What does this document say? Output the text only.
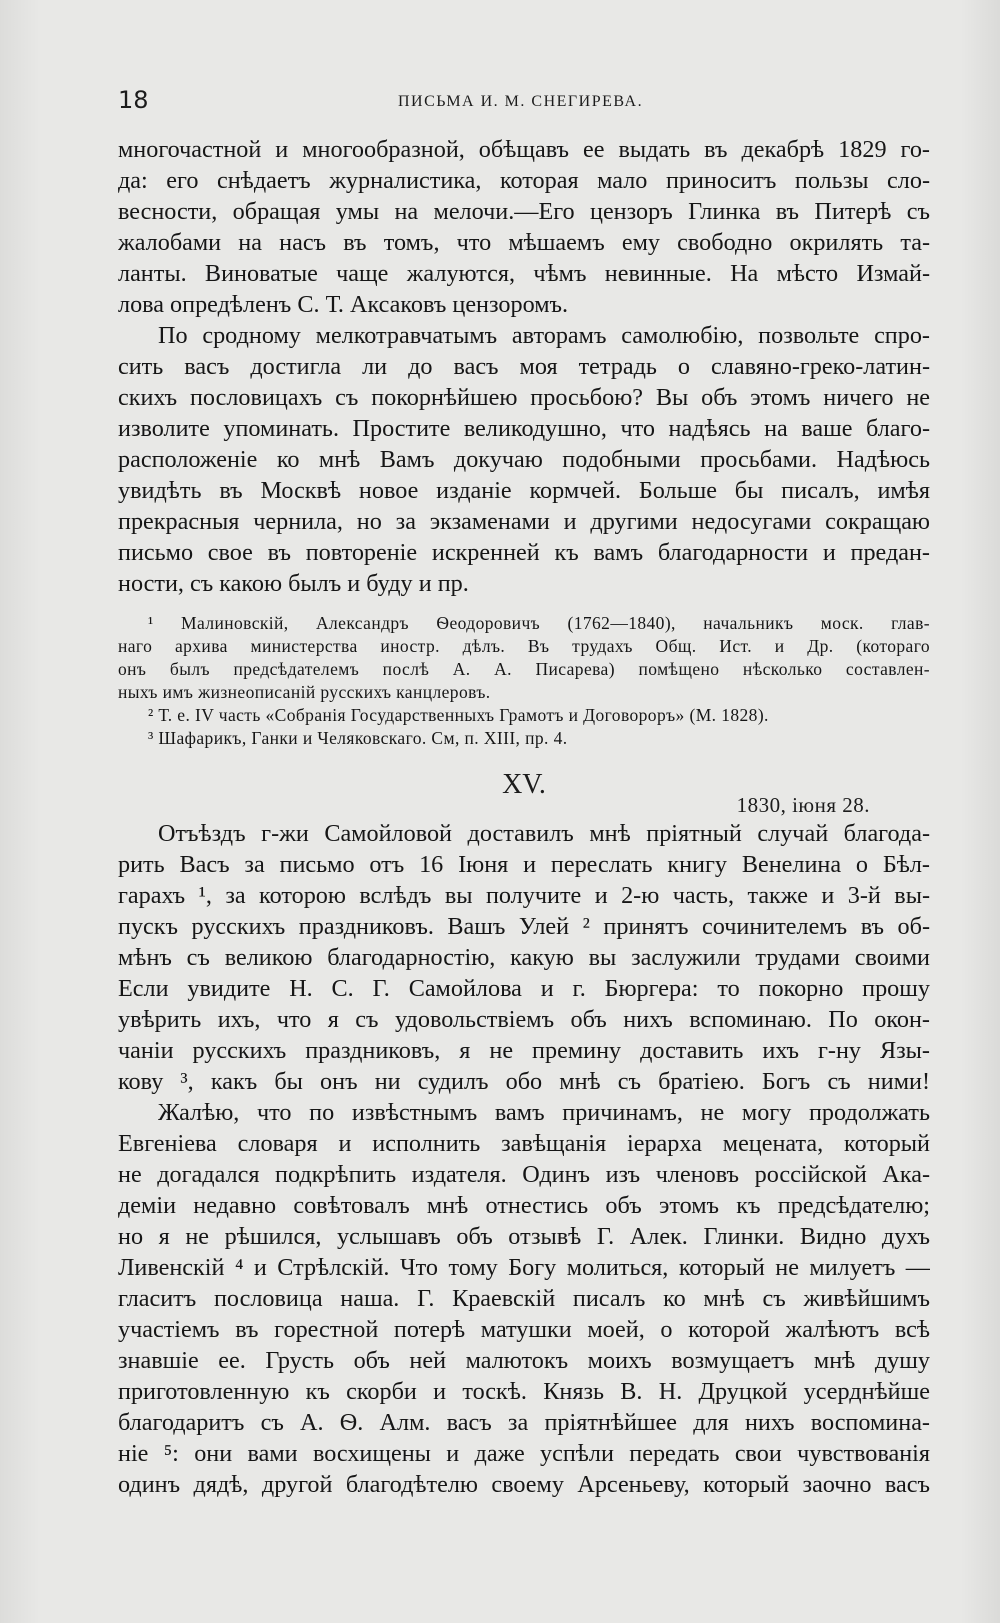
18	ПИСЬМА И. М. СНЕГИРЕВА.
многочастной и многообразной, обѣщавъ ее выдать въ декабрѣ 1829 го-
да: его снѣдаетъ журналистика, которая мало приноситъ пользы сло-
весности, обращая умы на мелочи.—Его цензоръ Глинка въ Питерѣ съ
жалобами на насъ въ томъ, что мѣшаемъ ему свободно окрилять та-
ланты. Виноватые чаще жалуются, чѣмъ невинные. На мѣсто Измай-
лова опредѣленъ С. Т. Аксаковъ цензоромъ.
По сродному мелкотравчатымъ авторамъ самолюбію, позвольте спро-
сить васъ достигла ли до васъ моя тетрадь о славяно-греко-латин-
скихъ пословицахъ съ покорнѣйшею просьбою? Вы объ этомъ ничего не
изволите упоминать. Простите великодушно, что надѣясь на ваше благо-
расположеніе ко мнѣ Вамъ докучаю подобными просьбами. Надѣюсь
увидѣть въ Москвѣ новое изданіе кормчей. Больше бы писалъ, имѣя
прекрасныя чернила, но за экзаменами и другими недосугами сокращаю
письмо свое въ повтореніе искренней къ вамъ благодарности и предан-
ности, съ какою былъ и буду и пр.
¹ Малиновскій, Александръ Ѳеодоровичъ (1762—1840), начальникъ моск. глав-
наго архива министерства иностр. дѣлъ. Въ трудахъ Общ. Ист. и Др. (котораго
онъ былъ предсѣдателемъ послѣ А. А. Писарева) помѣщено нѣсколько составлен-
ныхъ имъ жизнеописаній русскихъ канцлеровъ.
² Т. е. IV часть «Собранія Государственныхъ Грамотъ и Договороръ» (М. 1828).
³ Шафарикъ, Ганки и Челяковскаго. См, п. XIII, пр. 4.
XV.
1830, іюня 28.
Отъѣздъ г-жи Самойловой доставилъ мнѣ пріятный случай благода-
рить Васъ за письмо отъ 16 Іюня и переслать книгу Венелина о Бѣл-
гарахъ ¹, за которою вслѣдъ вы получите и 2-ю часть, также и 3-й вы-
пускъ русскихъ праздниковъ. Вашъ Улей ² принятъ сочинителемъ въ об-
мѣнъ съ великою благодарностію, какую вы заслужили трудами своими
Если увидите Н. С. Г. Самойлова и г. Бюргера: то покорно прошу
увѣрить ихъ, что я съ удовольствіемъ объ нихъ вспоминаю. По окон-
чаніи русскихъ праздниковъ, я не премину доставить ихъ г-ну Язы-
кову ³, какъ бы онъ ни судилъ обо мнѣ съ братіею. Богъ съ ними!
Жалѣю, что по извѣстнымъ вамъ причинамъ, не могу продолжать
Евгеніева словаря и исполнить завѣщанія іерарха мецената, который
не догадался подкрѣпить издателя. Одинъ изъ членовъ россійской Ака-
деміи недавно совѣтовалъ мнѣ отнестись объ этомъ къ предсѣдателю;
но я не рѣшился, услышавъ объ отзывѣ Г. Алек. Глинки. Видно духъ
Ливенскій ⁴ и Стрѣлскій. Что тому Богу молиться, который не милуетъ —
гласитъ пословица наша. Г. Краевскій писалъ ко мнѣ съ живѣйшимъ
участіемъ въ горестной потерѣ матушки моей, о которой жалѣютъ всѣ
знавшіе ее. Грусть объ ней малютокъ моихъ возмущаетъ мнѣ душу
приготовленную къ скорби и тоскѣ. Князь В. Н. Друцкой усерднѣйше
благодаритъ съ А. Ѳ. Алм. васъ за пріятнѣйшее для нихъ воспомина-
ніе ⁵: они вами восхищены и даже успѣли передать свои чувствованія
одинъ дядѣ, другой благодѣтелю своему Арсеньеву, который заочно васъ
